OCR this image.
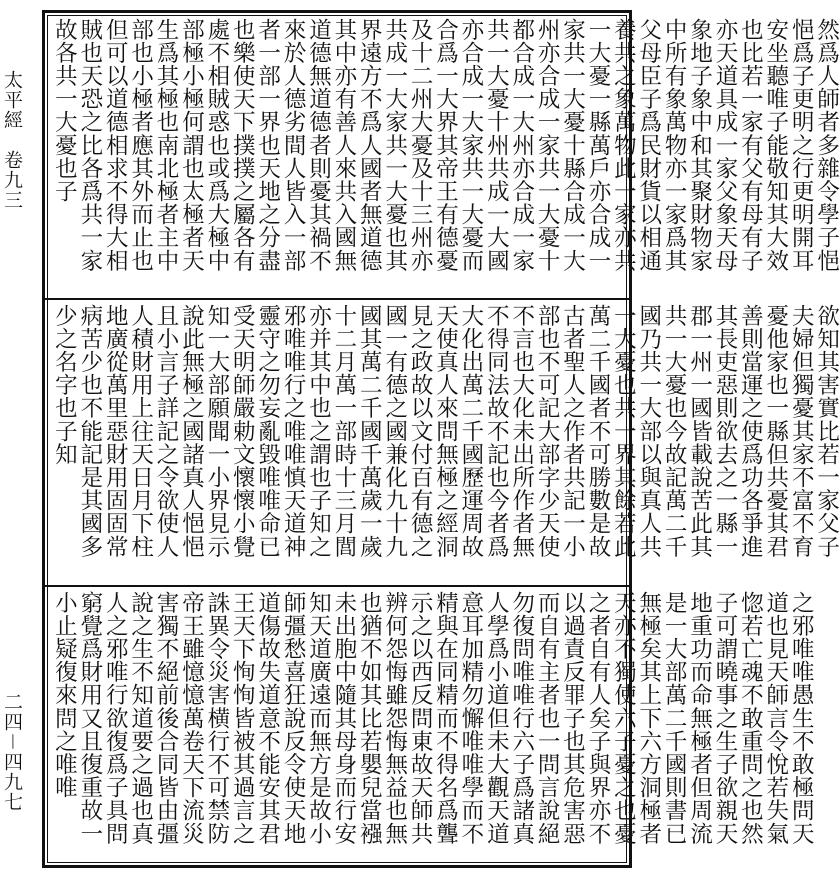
太平經　卷九三
二四－四九七

然爲人師者多雜令學子悒悒爲子更明之行更明開耳安坐聽唯子能敬知其大效也比若一家有父有母有子亦天道具成一家父象天母象地子象中和其聚財物家中所有象萬物亦一家爲其父母臣子爲民財貨以相通養共之象萬物此一家亦共一大憂一縣萬戶亦合成一家共一大憂十縣合成一大州亦合成一家共一大憂十都合成一大州亦合成一家共一大憂十州共成一大國亦合成一大家共一大憂而合爲一大界其帝王有德憂及十二州大憂及十三州亦共成一大家共一大憂也其界遠方不爲人國者無道德其中亦有善人來共入國無道德無道德者則憂其禍不來於人德劣間人皆入一部者一部一界也天地之分盡也樂使天下撲撲之屬各有處不相賊惑也或爲大極中部極小極何謂也太極者天生爲其極也南北極者主中部也小極者應其外而止也但可以道德相求不得大相賊也天恐之比各爲共一家故各共一大憂也子

欲知其害實比若一家父子夫婦但獨憂其家不富不育憂他家也一縣但共憂其君善則當運之使爲功各爭進其長吏惡則欲去之一縣一郡一州一國皆載說苦此其共一大憂也今故記萬二千國乃共一大部以與真人共一大憂也共一界其餘若此萬二千國者不可勝數是故古者聖人之作者共記一小部也不可記大部字少天使不言也大化未出所作者無不得同法故不記也今者爲大化出萬二千國歷運周故天使真人來問無極之經洞見之政故以文付百有德之國一有德之國兼化九十九國其萬二千國千萬歲一歲十二月萬一部時十三月閭亦并其中也之謂也子知之邪唯唯行之唯唯慎天道神靈守之勿妄亂毀唯唯命已受天明師嚴勅文懷懷小覺知一大部願聞一小界見示說此無極之國諸真人悒悒且小言子詳記之令欲使人人積財用上往天日月下柱地廣從萬里惡財用固固常病苦少也不能記是其國多少之名字也子知

之邪唯唯愚生不敢極問天道也見天師言令悅若失氣惚若亡魂不敢重問之也然子可謂曉事之生子欲親天地重功而命無極者但周流是一大部萬二千國則書已無極矣其上下六方洞極者天亦不獨使六子憂之也憂之者自有人矣子與界亦不以過責反罪子也其危害惡而自有主者也一問言說絕勿復問唯唯行六子爲諸真人學爲小道但未大觀天道意耳加精勿懈唯唯學而不精與在同精而不得名爲聾示之以西反問東故天師共辨何怨悔雖怨悔無益也無也猶不如其比若嬰兒當襁未出胞中隨其母身而行安知天道廣遠而無方是故小師彊愁喜狂說反令使天地道傷故失道意不能安其君王天下恂恂皆被其過言之誅異令災害横行不可禁防帝王雖憶憶萬卷天下流災害獨不絕前後合同皆由彊說之生不知道要之過也真人之邪唯行欲復爲子具問窮覺爲財用又且復重故一小止疑復來問之唯唯
